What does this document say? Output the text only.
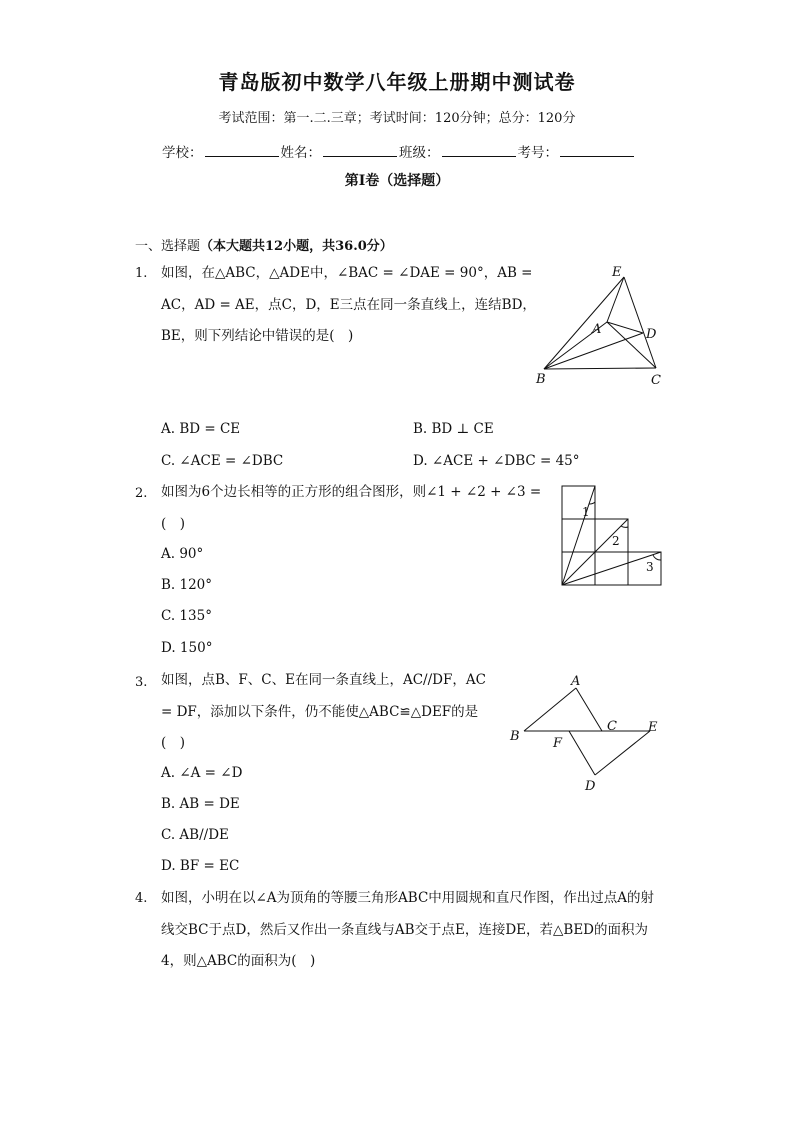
青岛版初中数学八年级上册期中测试卷
考试范围：第一.二.三章；考试时间：120分钟；总分：120分
学校：	姓名：	班级：	考号：
第Ⅰ卷（选择题）
一、选择题（本大题共12小题，共36.0分）
1. 如图，在△ABC，△ADE中，∠BAC = ∠DAE = 90°，AB =
AC，AD = AE，点C，D，E三点在同一条直线上，连结BD，
BE，则下列结论中错误的是(　)
E
A	D
B	C
A. BD = CE	B. BD ⊥ CE
C. ∠ACE = ∠DBC	D. ∠ACE + ∠DBC = 45°
2. 如图为6个边长相等的正方形的组合图形，则∠1 + ∠2 + ∠3 =
(　)
A. 90°
B. 120°
C. 135°
D. 150°
1
2
3
3. 如图，点B、F、C、E在同一条直线上，AC//DF，AC
= DF，添加以下条件，仍不能使△ABC≌△DEF的是
(　)
A
B	F
C E
D
A. ∠A = ∠D
B. AB = DE
C. AB//DE
D. BF = EC
4. 如图，小明在以∠A为顶角的等腰三角形ABC中用圆规和直尺作图，作出过点A的射
线交BC于点D，然后又作出一条直线与AB交于点E，连接DE，若△BED的面积为
4，则△ABC的面积为(　)
